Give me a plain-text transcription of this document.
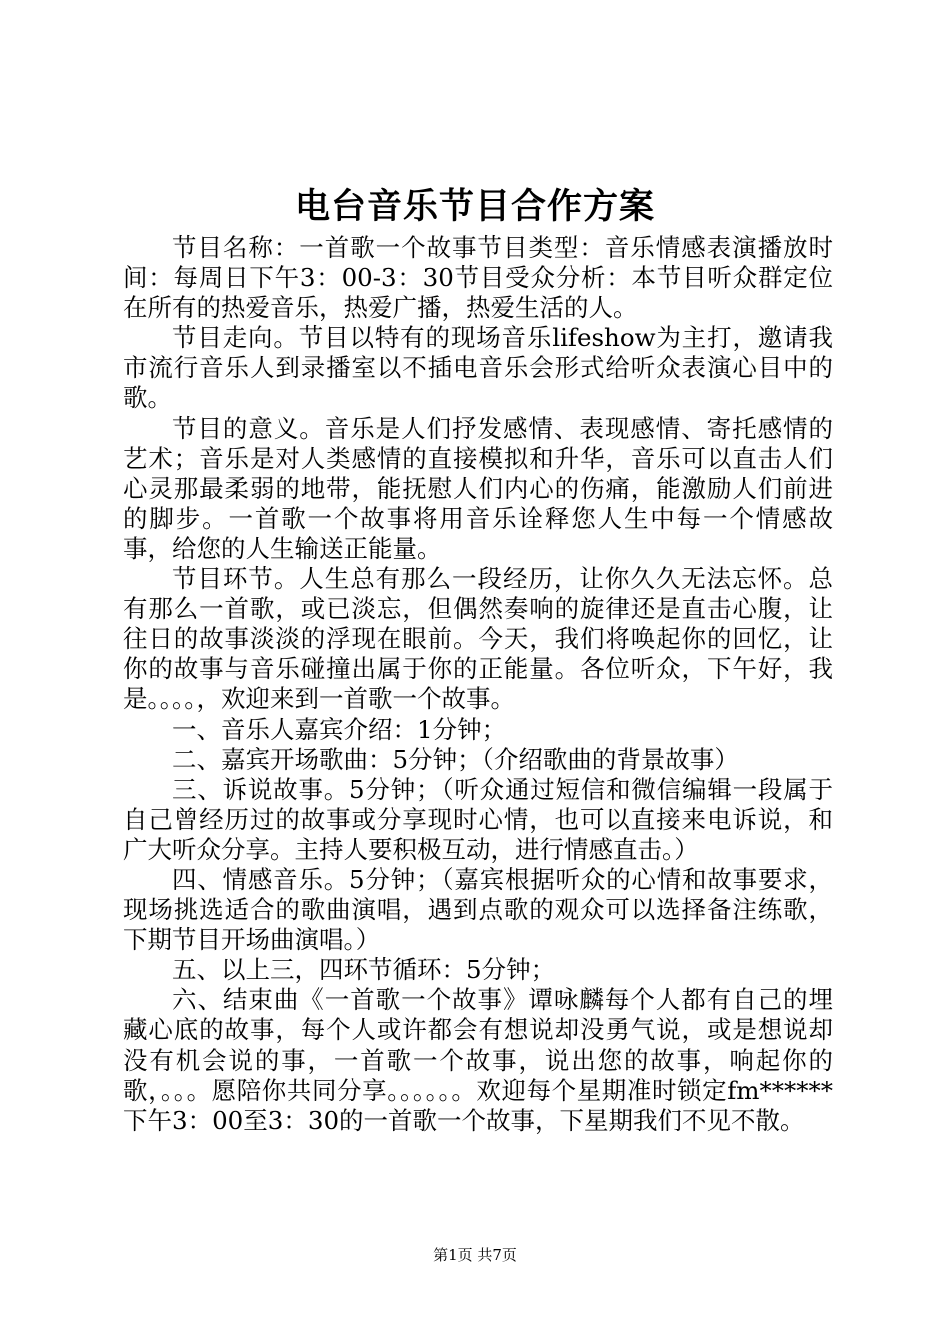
电台音乐节目合作方案

节目名称：一首歌一个故事节目类型：音乐情感表演播放时间：每周日下午3：00-3：30节目受众分析：本节目听众群定位在所有的热爱音乐，热爱广播，热爱生活的人。

节目走向。节目以特有的现场音乐lifeshow为主打，邀请我市流行音乐人到录播室以不插电音乐会形式给听众表演心目中的歌。

节目的意义。音乐是人们抒发感情、表现感情、寄托感情的艺术；音乐是对人类感情的直接模拟和升华，音乐可以直击人们心灵那最柔弱的地带，能抚慰人们内心的伤痛，能激励人们前进的脚步。一首歌一个故事将用音乐诠释您人生中每一个情感故事，给您的人生输送正能量。

节目环节。人生总有那么一段经历，让你久久无法忘怀。总有那么一首歌，或已淡忘，但偶然奏响的旋律还是直击心腹，让往日的故事淡淡的浮现在眼前。今天，我们将唤起你的回忆，让你的故事与音乐碰撞出属于你的正能量。各位听众，下午好，我是。。。。，欢迎来到一首歌一个故事。

一、音乐人嘉宾介绍：1分钟；

二、嘉宾开场歌曲：5分钟；（介绍歌曲的背景故事）

三、诉说故事。5分钟；（听众通过短信和微信编辑一段属于自己曾经历过的故事或分享现时心情，也可以直接来电诉说，和广大听众分享。主持人要积极互动，进行情感直击。）

四、情感音乐。5分钟；（嘉宾根据听众的心情和故事要求，现场挑选适合的歌曲演唱，遇到点歌的观众可以选择备注练歌，下期节目开场曲演唱。）

五、以上三，四环节循环：5分钟；

六、结束曲《一首歌一个故事》谭咏麟每个人都有自己的埋藏心底的故事，每个人或许都会有想说却没勇气说，或是想说却没有机会说的事，一首歌一个故事，说出您的故事，响起你的歌，。。。愿陪你共同分享。。。。。。欢迎每个星期准时锁定fm******下午3：00至3：30的一首歌一个故事，下星期我们不见不散。

第1页 共7页
